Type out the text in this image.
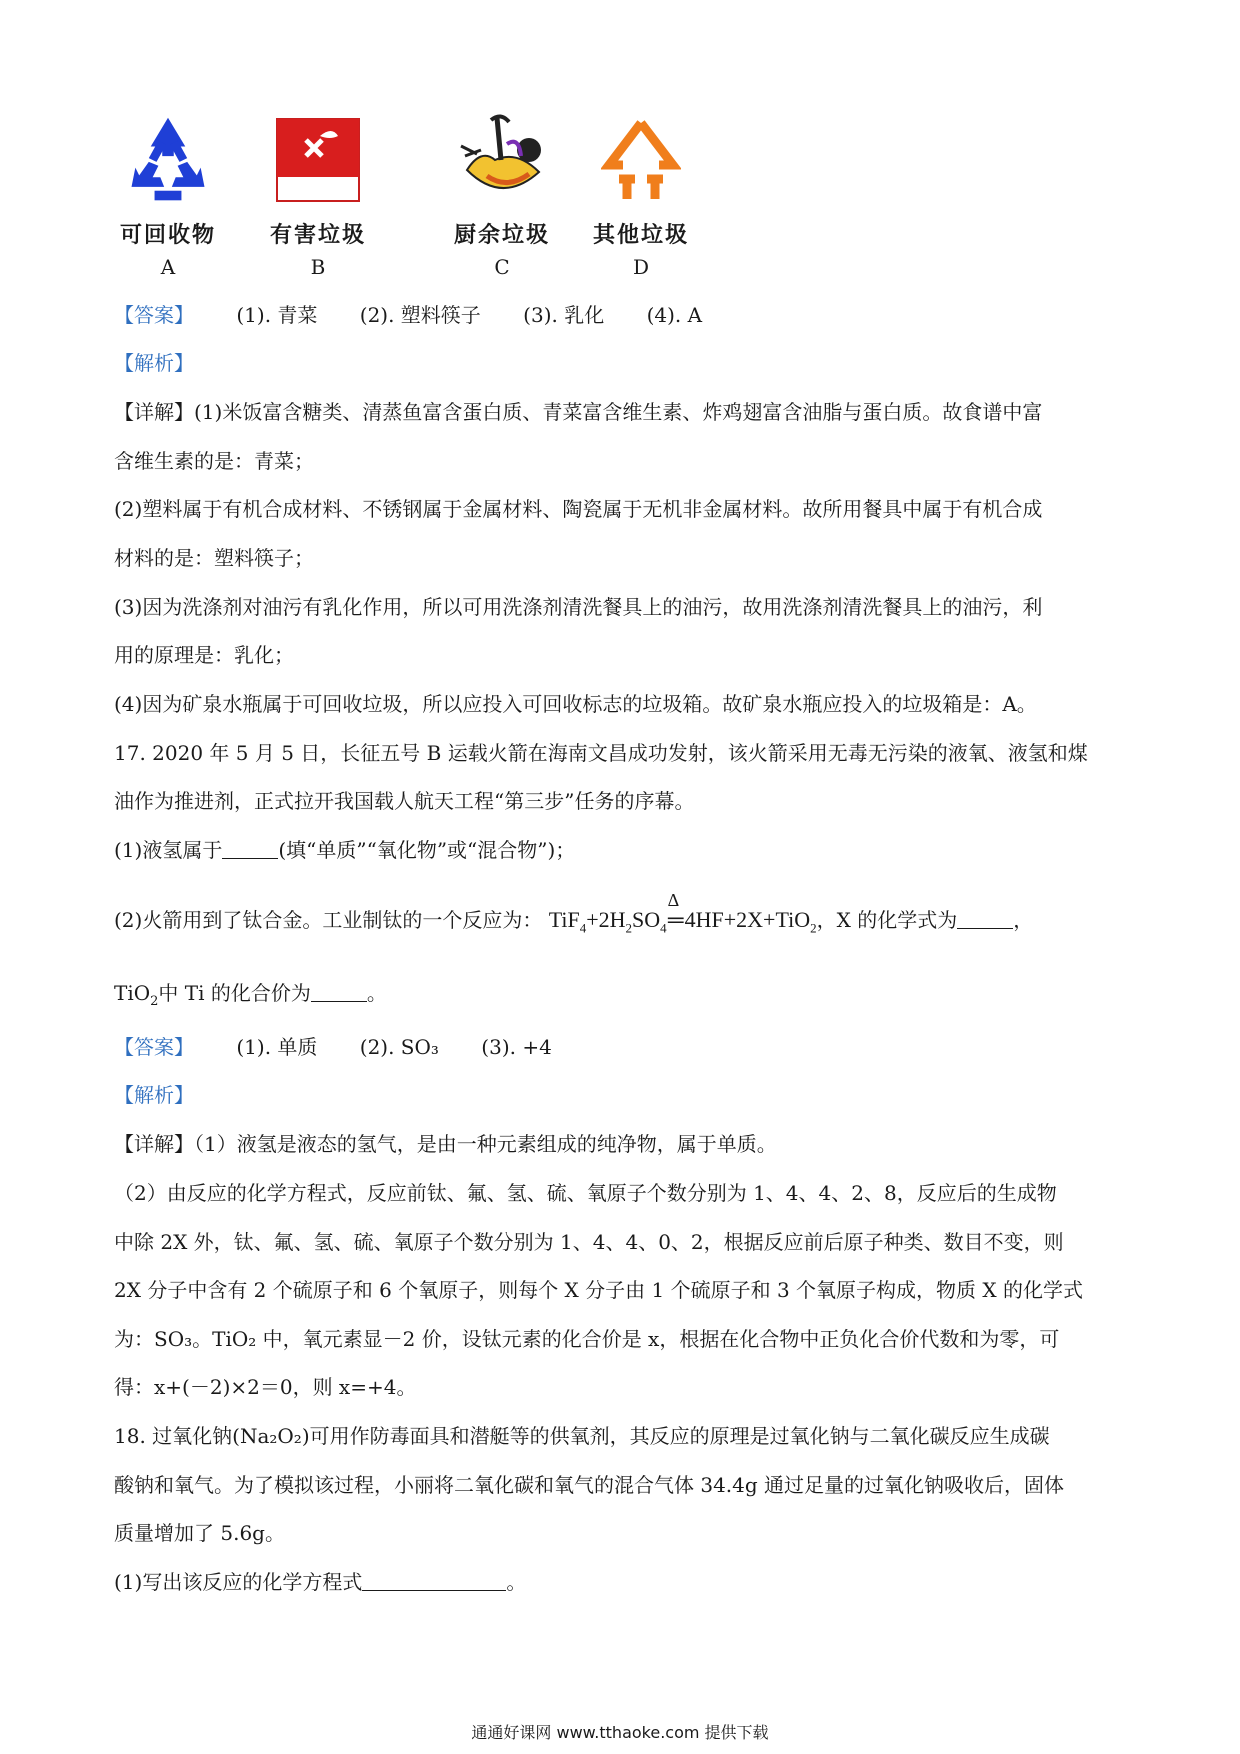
可回收物
A
有害垃圾
B
厨余垃圾
C
其他垃圾
D
【答案】 (1). 青菜 (2). 塑料筷子 (3). 乳化 (4). A
【解析】
【详解】(1)米饭富含糖类、清蒸鱼富含蛋白质、青菜富含维生素、炸鸡翅富含油脂与蛋白质。故食谱中富
含维生素的是：青菜；
(2)塑料属于有机合成材料、不锈钢属于金属材料、陶瓷属于无机非金属材料。故所用餐具中属于有机合成
材料的是：塑料筷子；
(3)因为洗涤剂对油污有乳化作用，所以可用洗涤剂清洗餐具上的油污，故用洗涤剂清洗餐具上的油污，利
用的原理是：乳化；
(4)因为矿泉水瓶属于可回收垃圾，所以应投入可回收标志的垃圾箱。故矿泉水瓶应投入的垃圾箱是：A。
17. 2020 年 5 月 5 日，长征五号 B 运载火箭在海南文昌成功发射，该火箭采用无毒无污染的液氧、液氢和煤
油作为推进剂，正式拉开我国载人航天工程“第三步”任务的序幕。
(1)液氢属于	(填“单质”“氧化物”或“混合物”)；
(2)火箭用到了钛合金。工业制钛的一个反应为： $TiF_4+2H_2SO_4$
Δ
═4HF+2X+TiO$_2$，X 的化学式为	，
TiO$_2$中 Ti 的化合价为	。
【答案】 (1). 单质 (2). SO₃ (3). +4
【解析】
【详解】（1）液氢是液态的氢气，是由一种元素组成的纯净物，属于单质。
（2）由反应的化学方程式，反应前钛、氟、氢、硫、氧原子个数分别为 1、4、4、2、8，反应后的生成物
中除 2X 外，钛、氟、氢、硫、氧原子个数分别为 1、4、4、0、2，根据反应前后原子种类、数目不变，则
2X 分子中含有 2 个硫原子和 6 个氧原子，则每个 X 分子由 1 个硫原子和 3 个氧原子构成，物质 X 的化学式
为：SO₃。TiO₂ 中，氧元素显－2 价，设钛元素的化合价是 x，根据在化合物中正负化合价代数和为零，可
得：x+(－2)×2＝0，则 x=+4。
18. 过氧化钠(Na₂O₂)可用作防毒面具和潜艇等的供氧剂，其反应的原理是过氧化钠与二氧化碳反应生成碳
酸钠和氧气。为了模拟该过程，小丽将二氧化碳和氧气的混合气体 34.4g 通过足量的过氧化钠吸收后，固体
质量增加了 5.6g。
(1)写出该反应的化学方程式	。
通通好课网 www.tthaoke.com 提供下载
